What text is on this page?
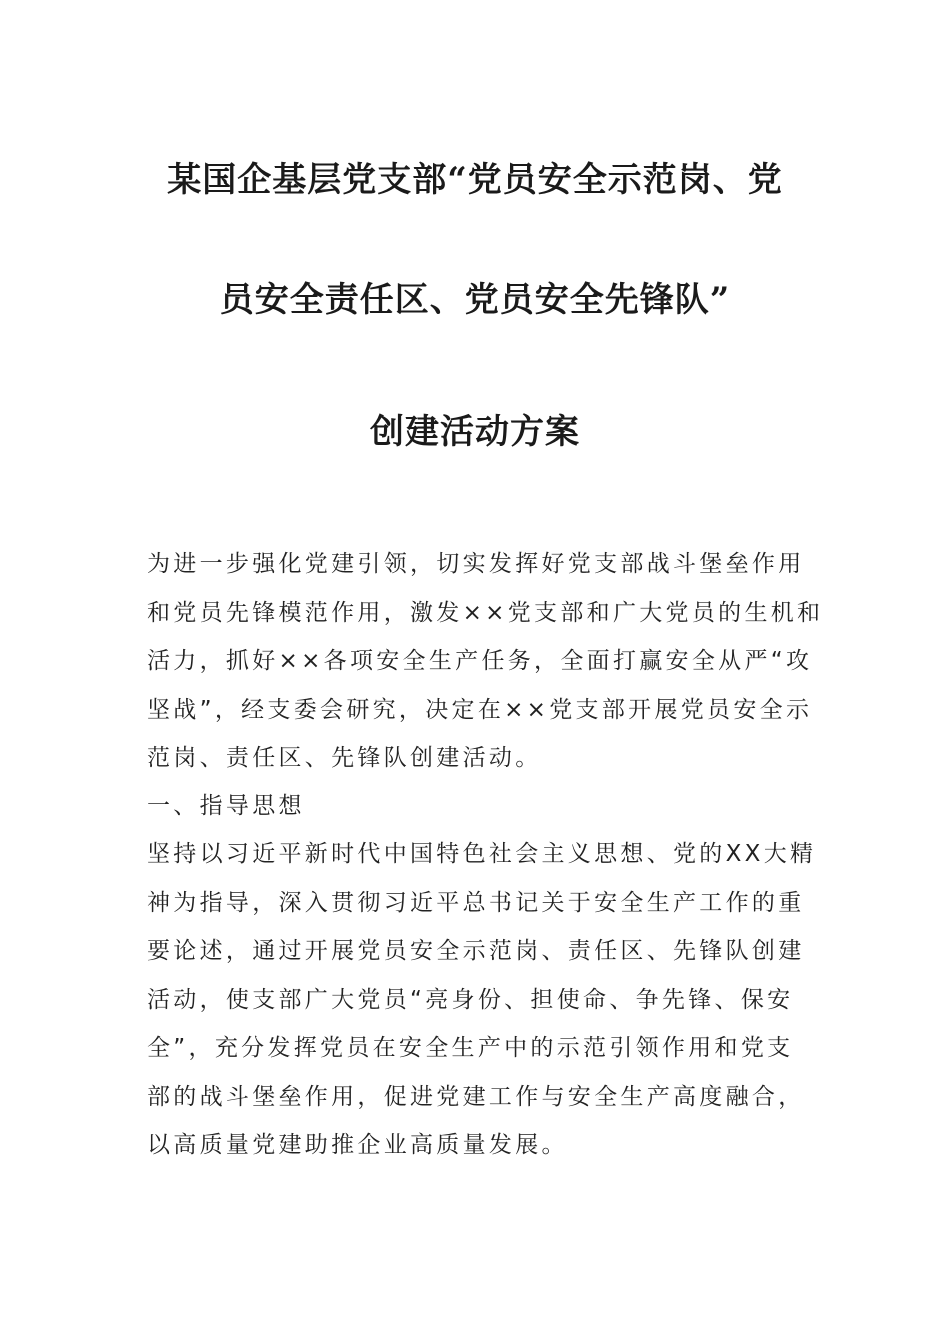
某国企基层党支部“党员安全示范岗、党
员安全责任区、党员安全先锋队”
创建活动方案
为进一步强化党建引领，切实发挥好党支部战斗堡垒作用
和党员先锋模范作用，激发××党支部和广大党员的生机和
活力，抓好××各项安全生产任务，全面打赢安全从严“攻
坚战”，经支委会研究，决定在××党支部开展党员安全示
范岗、责任区、先锋队创建活动。
一、指导思想
坚持以习近平新时代中国特色社会主义思想、党的XX大精
神为指导，深入贯彻习近平总书记关于安全生产工作的重
要论述，通过开展党员安全示范岗、责任区、先锋队创建
活动，使支部广大党员“亮身份、担使命、争先锋、保安
全”，充分发挥党员在安全生产中的示范引领作用和党支
部的战斗堡垒作用，促进党建工作与安全生产高度融合，
以高质量党建助推企业高质量发展。
